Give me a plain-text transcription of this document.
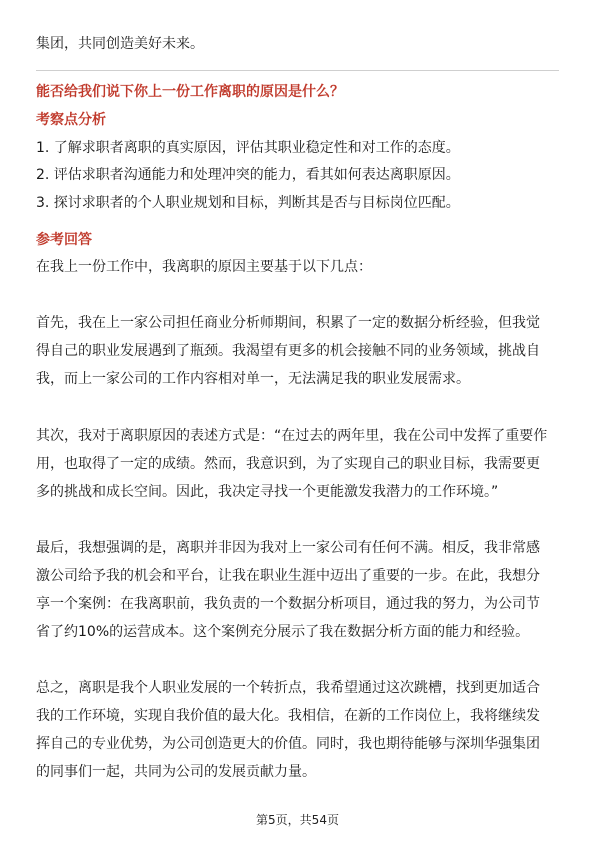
集团，共同创造美好未来。
能否给我们说下你上一份工作离职的原因是什么？
考察点分析
1. 了解求职者离职的真实原因，评估其职业稳定性和对工作的态度。
2. 评估求职者沟通能力和处理冲突的能力，看其如何表达离职原因。
3. 探讨求职者的个人职业规划和目标，判断其是否与目标岗位匹配。
参考回答
在我上一份工作中，我离职的原因主要基于以下几点：
首先，我在上一家公司担任商业分析师期间，积累了一定的数据分析经验，但我觉
得自己的职业发展遇到了瓶颈。我渴望有更多的机会接触不同的业务领域，挑战自
我，而上一家公司的工作内容相对单一，无法满足我的职业发展需求。
其次，我对于离职原因的表述方式是：“在过去的两年里，我在公司中发挥了重要作
用，也取得了一定的成绩。然而，我意识到，为了实现自己的职业目标，我需要更
多的挑战和成长空间。因此，我决定寻找一个更能激发我潜力的工作环境。”
最后，我想强调的是，离职并非因为我对上一家公司有任何不满。相反，我非常感
激公司给予我的机会和平台，让我在职业生涯中迈出了重要的一步。在此，我想分
享一个案例：在我离职前，我负责的一个数据分析项目，通过我的努力，为公司节
省了约10%的运营成本。这个案例充分展示了我在数据分析方面的能力和经验。
总之，离职是我个人职业发展的一个转折点，我希望通过这次跳槽，找到更加适合
我的工作环境，实现自我价值的最大化。我相信，在新的工作岗位上，我将继续发
挥自己的专业优势，为公司创造更大的价值。同时，我也期待能够与深圳华强集团
的同事们一起，共同为公司的发展贡献力量。
第5页，共54页
